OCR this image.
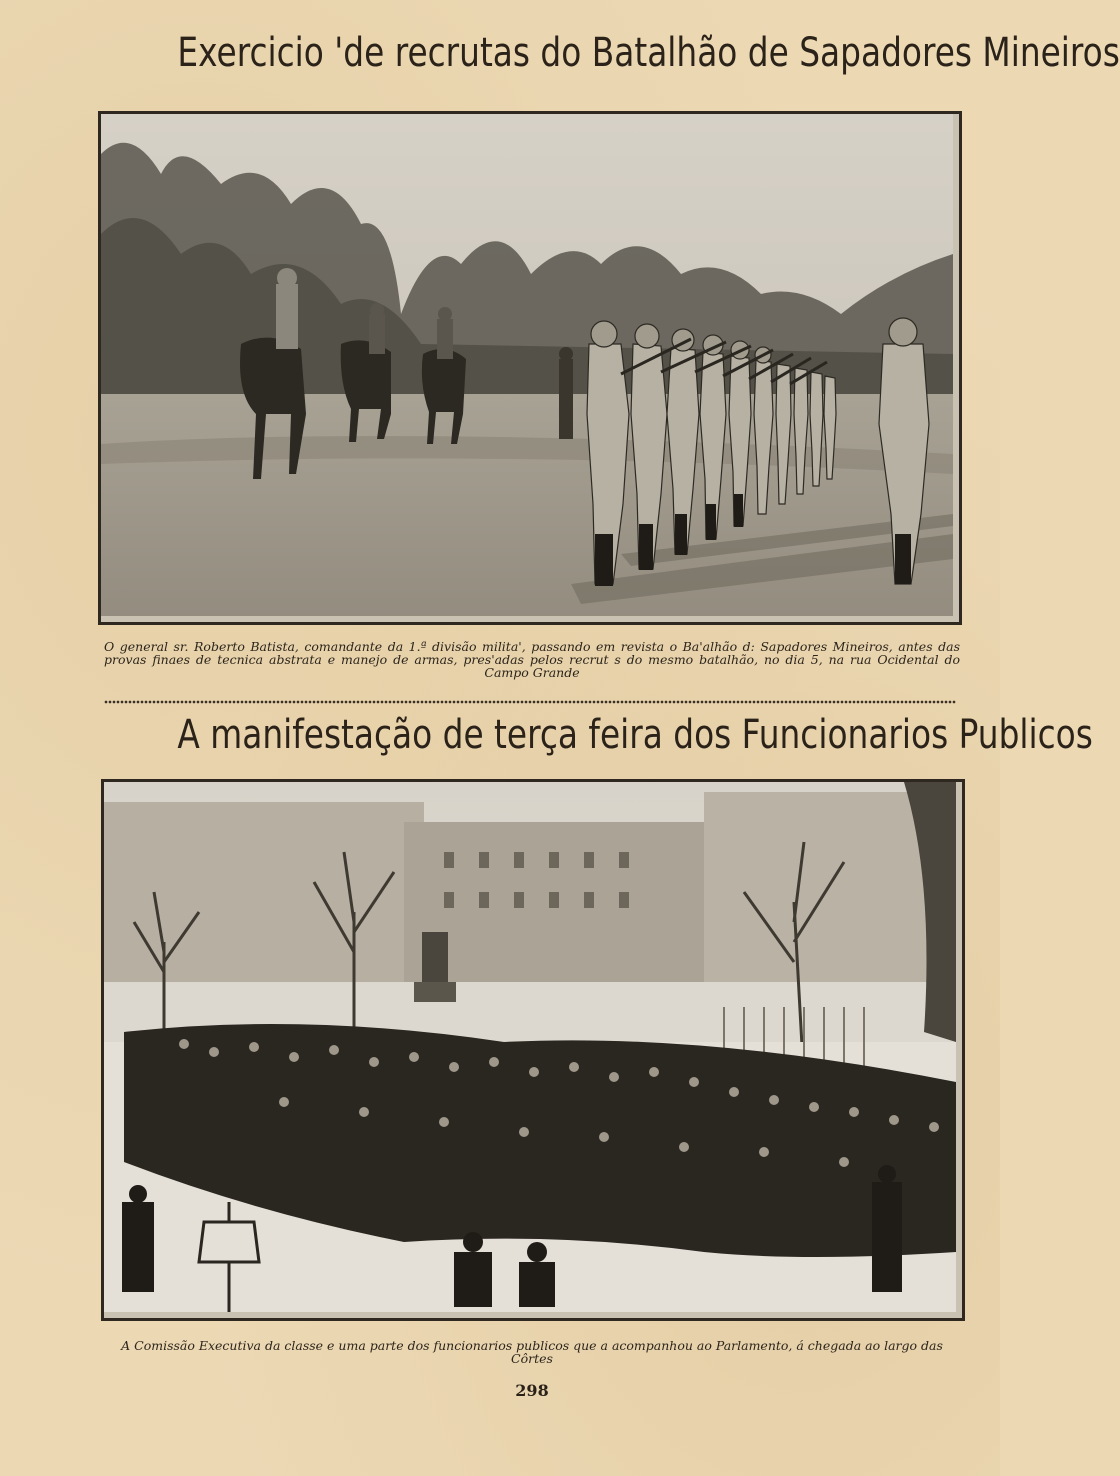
Exercicio 'de recrutas do Batalhão de Sapadores Mineiros

O general sr. Roberto Batista, comandante da 1.ª divisão milita', passando em revista o Ba'alhão d: Sapadores Mineiros, antes das provas finaes de tecnica abstrata e manejo de armas, pres'adas pelos recrut s do mesmo batalhão, no dia 5, na rua Ocidental do Campo Grande

A manifestação de terça feira dos Funcionarios Publicos

A Comissão Executiva da classe e uma parte dos funcionarios publicos que a acompanhou ao Parlamento, á chegada ao largo das Côrtes

298
